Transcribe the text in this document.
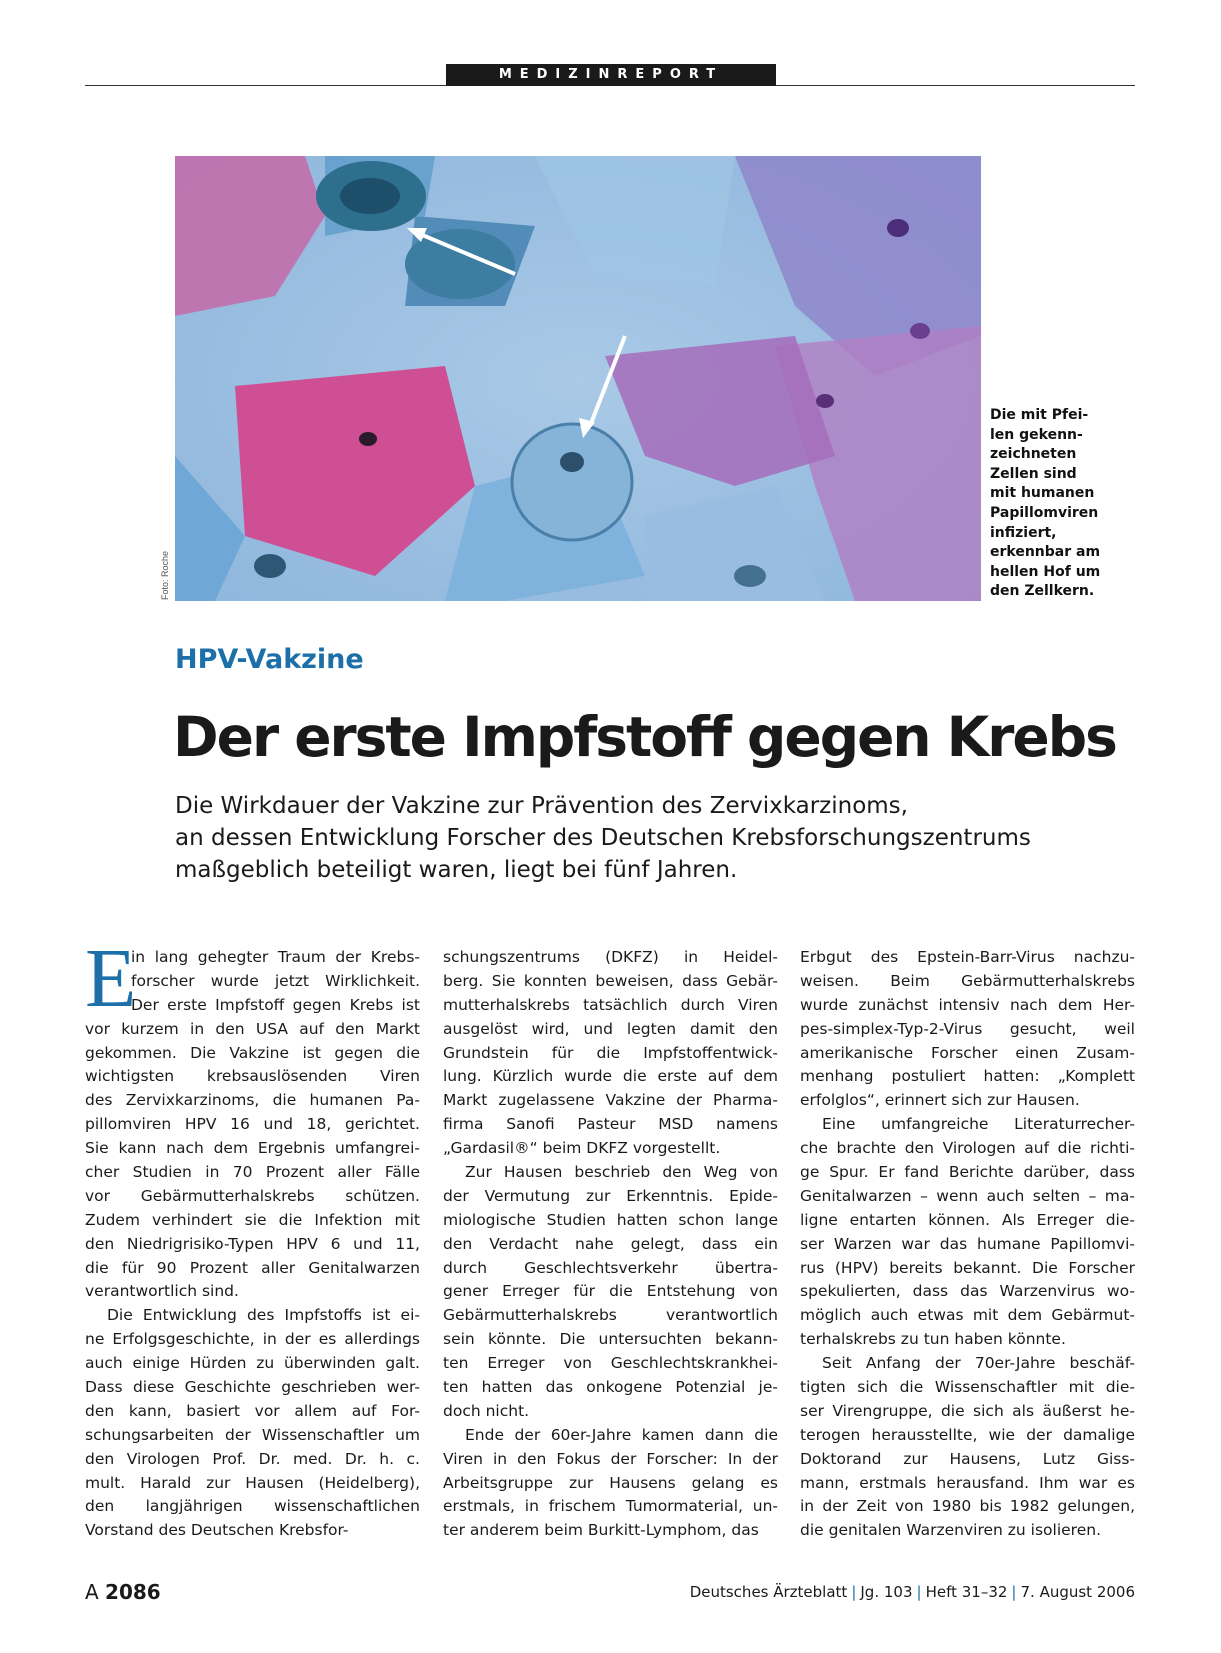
MEDIZINREPORT
Foto: Roche
Die mit Pfei-
len gekenn-
zeichneten
Zellen sind
mit humanen
Papillomviren
infiziert,
erkennbar am
hellen Hof um
den Zellkern.
HPV-Vakzine
Der erste Impfstoff gegen Krebs
Die Wirkdauer der Vakzine zur Prävention des Zervixkarzinoms,
an dessen Entwicklung Forscher des Deutschen Krebsforschungszentrums
maßgeblich beteiligt waren, liegt bei fünf Jahren.
E
in lang gehegter Traum der Krebs-
forscher wurde jetzt Wirklichkeit.
Der erste Impfstoff gegen Krebs ist
vor kurzem in den USA auf den Markt
gekommen. Die Vakzine ist gegen die
wichtigsten krebsauslösenden Viren
des Zervixkarzinoms, die humanen Pa-
pillomviren HPV 16 und 18, gerichtet.
Sie kann nach dem Ergebnis umfangrei-
cher Studien in 70 Prozent aller Fälle
vor Gebärmutterhalskrebs schützen.
Zudem verhindert sie die Infektion mit
den Niedrigrisiko-Typen HPV 6 und 11,
die für 90 Prozent aller Genitalwarzen
verantwortlich sind.
Die Entwicklung des Impfstoffs ist ei-
ne Erfolgsgeschichte, in der es allerdings
auch einige Hürden zu überwinden galt.
Dass diese Geschichte geschrieben wer-
den kann, basiert vor allem auf For-
schungsarbeiten der Wissenschaftler um
den Virologen Prof. Dr. med. Dr. h. c.
mult. Harald zur Hausen (Heidelberg),
den langjährigen wissenschaftlichen
Vorstand des Deutschen Krebsfor-
schungszentrums (DKFZ) in Heidel-
berg. Sie konnten beweisen, dass Gebär-
mutterhalskrebs tatsächlich durch Viren
ausgelöst wird, und legten damit den
Grundstein für die Impfstoffentwick-
lung. Kürzlich wurde die erste auf dem
Markt zugelassene Vakzine der Pharma-
firma Sanofi Pasteur MSD namens
„Gardasil®“ beim DKFZ vorgestellt.
Zur Hausen beschrieb den Weg von
der Vermutung zur Erkenntnis. Epide-
miologische Studien hatten schon lange
den Verdacht nahe gelegt, dass ein
durch Geschlechtsverkehr übertra-
gener Erreger für die Entstehung von
Gebärmutterhalskrebs verantwortlich
sein könnte. Die untersuchten bekann-
ten Erreger von Geschlechtskrankhei-
ten hatten das onkogene Potenzial je-
doch nicht.
Ende der 60er-Jahre kamen dann die
Viren in den Fokus der Forscher: In der
Arbeitsgruppe zur Hausens gelang es
erstmals, in frischem Tumormaterial, un-
ter anderem beim Burkitt-Lymphom, das
Erbgut des Epstein-Barr-Virus nachzu-
weisen. Beim Gebärmutterhalskrebs
wurde zunächst intensiv nach dem Her-
pes-simplex-Typ-2-Virus gesucht, weil
amerikanische Forscher einen Zusam-
menhang postuliert hatten: „Komplett
erfolglos“, erinnert sich zur Hausen.
Eine umfangreiche Literaturrecher-
che brachte den Virologen auf die richti-
ge Spur. Er fand Berichte darüber, dass
Genitalwarzen – wenn auch selten – ma-
ligne entarten können. Als Erreger die-
ser Warzen war das humane Papillomvi-
rus (HPV) bereits bekannt. Die Forscher
spekulierten, dass das Warzenvirus wo-
möglich auch etwas mit dem Gebärmut-
terhalskrebs zu tun haben könnte.
Seit Anfang der 70er-Jahre beschäf-
tigten sich die Wissenschaftler mit die-
ser Virengruppe, die sich als äußerst he-
terogen herausstellte, wie der damalige
Doktorand zur Hausens, Lutz Giss-
mann, erstmals herausfand. Ihm war es
in der Zeit von 1980 bis 1982 gelungen,
die genitalen Warzenviren zu isolieren.
A 2086	Deutsches Ärzteblatt | Jg. 103 | Heft 31–32 | 7. August 2006
